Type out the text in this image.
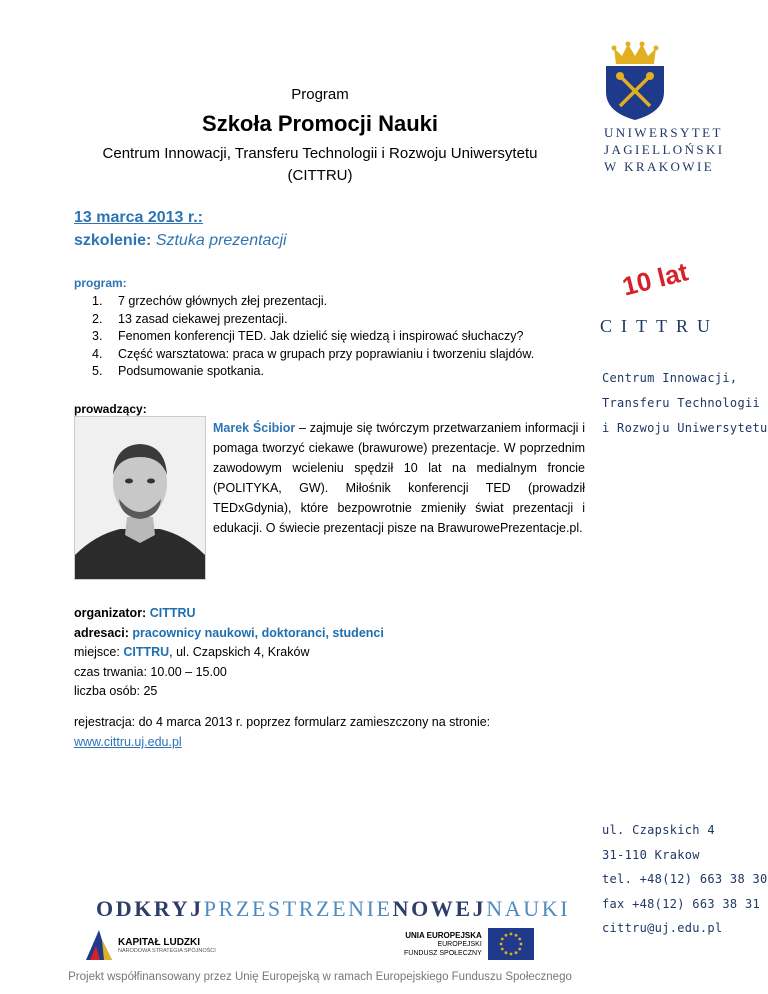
Program
Szkoła Promocji Nauki
Centrum Innowacji, Transferu Technologii i Rozwoju Uniwersytetu
(CITTRU)
13 marca 2013 r.:
szkolenie: Sztuka prezentacji
program:
1.	7 grzechów głównych złej prezentacji.
2.	13 zasad ciekawej prezentacji.
3.	Fenomen konferencji TED. Jak dzielić się wiedzą i inspirować słuchaczy?
4.	Część warsztatowa: praca w grupach przy poprawianiu i tworzeniu slajdów.
5.	Podsumowanie spotkania.
prowadzący:
Marek Ścibior – zajmuje się twórczym przetwarzaniem informacji i pomaga tworzyć ciekawe (brawurowe) prezentacje. W poprzednim zawodowym wcieleniu spędził 10 lat na medialnym froncie (POLITYKA, GW). Miłośnik konferencji TED (prowadził TEDxGdynia), które bezpowrotnie zmieniły świat prezentacji i edukacji. O świecie prezentacji pisze na BrawurowePrezentacje.pl.
organizator: CITTRU
adresaci: pracownicy naukowi, doktoranci, studenci
miejsce: CITTRU, ul. Czapskich 4, Kraków
czas trwania: 10.00 – 15.00
liczba osób: 25
rejestracja: do 4 marca 2013 r. poprzez formularz zamieszczony na stronie:
www.cittru.uj.edu.pl
UNIWERSYTET
JAGIELLOŃSKI
W KRAKOWIE
10 lat
CITTRU
Centrum Innowacji,
Transferu Technologii
i Rozwoju Uniwersytetu
ul. Czapskich 4
31-110 Krakow
tel. +48(12) 663 38 30
fax +48(12) 663 38 31
cittru@uj.edu.pl
ODKRYJPRZESTRZENIENOWEJNAUKI
KAPITAŁ LUDZKI
NARODOWA STRATEGIA SPÓJNOŚCI
UNIA EUROPEJSKA
EUROPEJSKI
FUNDUSZ SPOŁECZNY
Projekt współfinansowany przez Unię Europejską w ramach Europejskiego Funduszu Społecznego
